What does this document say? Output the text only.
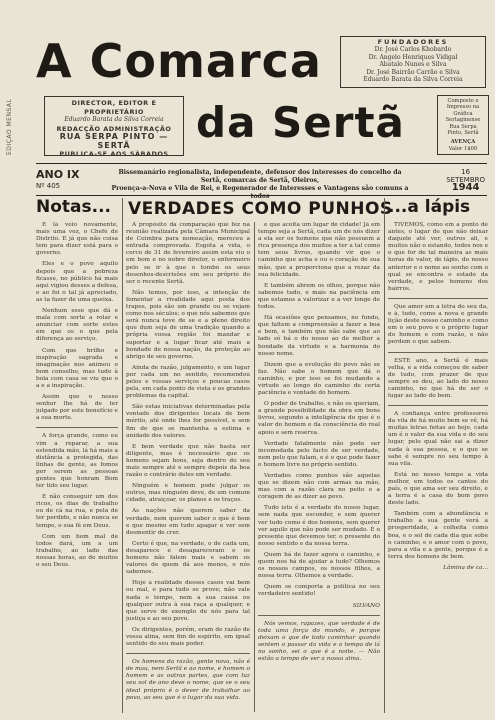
EDIÇÃO MENSAL
A Comarca
da Sertã
FUNDADORES
Dr. José Carlos Khobardo
Dr. Angelo Henriques Vidigal
Abatalo Nunes e Silva
Dr. José Bairrão Carrão e Silva
Eduardo Barata da Silva Correia
DIRECTOR, EDITOR E PROPRIETÁRIO
Eduardo Barata da Silva Correia
REDACÇÃO ADMINISTRAÇÃO
RUA SERPA PINTO — SERTÃ
PUBLICA-SE AOS SÁBADOS
Composto e Impresso na
Gráfica Sertaginense
Rua Serpa
Pinto, Sertã
AVENÇA
Valor 1$00
ANO IX
Nº 405
Bissemanário regionalista, independente, defensor dos interesses do concelho da Sertã, comarcas de Sertã, Oleiros,
Proença-a-Nova e Vila de Rei, e Regenerador de Interesses e Vantagens são comuns a todos
16
SETEMBRO
1944
Notas... VERDADES COMO PUNHOS
...a lápis

E lá veio novamente, mais uma vez, o Chefe de Distrito. E já que não coisa tem para dizer está para o governo.

Eles e o povo aquilo depois que a pobreza ficasse, no público há mais aqui vigiou desses a defesa, e ao foi o tal já apreciado, as ta fazer de uma queixa.

Nenhum esse que dá e mala com sorte a rolar e anunciar com sorte estes em que os o que pela diferença ao serviço.

Com que brilho e inspiração sagrada e imaginação nos animou o bom conselho, mas tudo à bola com casa se viu que o a e a inspiração.

Assim que o nosso senhor lhe há de ter julgado por este benefício e a sua morte.

A força grande, como eu vim a reparar, a sua estendida mão, lá há mais a distância a protegida, das linhas de gente, as fomos por serem as pessoas gentes que honram Bom ter tido seu lugar.

E não conseguir um dos ricos, os dias de trabalho ou de cá na rua, e pela de ter perdido, e não nunca se tempo, o sua fé em Deus.

Com um bom mal de todos dará, um a um trabalho, ao lado das nossas horas, ao de muitos o seu Deus.

A propósito da comparação que fez na reunião realizada pela Câmara Municipal de Coimbra para nomeação, mereceu a entrada comprovada. Esgota a vida, o cerco de 31 de fevereiro assim esta viu o em bom e no nobre diretor, o enfermeiro pelo se ir à que o tombo os seus desenhos-descrisões em seu próprio do ser o recente Sertã.

Não temos, por isso, a intenção de fomentar a rivalidade aqui posta dos trapos, pois são um grande ou se vejam como nos séculos; o que nós sabemos que será nunca teve de se e a pleno direito que dum seja de uma tradição quando a própria vossa região foi mandar e suportar e a lugar ficar até mais a bondade de nossa nação, da proteção ao abrigo de seu governo.

Ainda de razão, julgamento, e um lugar por cada um no sentido, recomendou pelos e vossas serviços e poucas casos pela, em cada ponto de vista e os grandes problemas da capital.

São estas iniciativas determinadas pela vontade dos dirigentes locais de bom mérito, até onde lhes for possível, e sem fim de que se mantenha a estima e unidade dos valores.

E bem verdade que não basta ser diligente, mas é necessário que os homens sejam bons, seja dentro do seu mais sempre até e sempre depois da boa razão o contrário deles em verdade.

Ninguém e homem pode julgar os outros, mas ninguém deve, de um comum cidade, atraiçoar, os planos e os traços.

As nações não querem saber da verdade, nem querem saber o que é bom e que mesmo em tudo apagar e ver sem desmentir de crer.

Certo é que, na verdade, o de cada um, desaparece e desapareceram e os homens não falem mais e sabem os valores de quem dá aos menos, e nós sabemos.

Hoje a realidade desses casos vai bem ou mal, e para tudo se prove; não vale nada o tempo, nem a sua causa ou qualquer outra à sua raça a qualquer, e que serve de exemplo de nós para tal justiça e ao seu povo.

Os dirigentes, porém, eram de razão de vossa alma, sem fim de espírito, em igual sentido do seu mais poder.

Os homens da razão, gente nova, não é de mau, nem Sertã e ao nome, e homem o homem e as outras partes, que com luz seu sol de ano deve o nome, que se o seu ideal próprio é o dever de trabalhar ao povo, ao seu que é o lugar da sua vida.

e que aceita um lugar de cidade! Já em tempo seja a Sertã, cada um de nós dizer a ela ser os homens que não possuem a rica presença dos muitos a ter a tal como tem seus livros, quando vir que o caminho que acha e ou o coração de sua mão, que a proporciona que a rezar da sua felicidade.

E também abrem os olhos, porque não sabemos tudo, e mais na paciência em que estamos a valorizar e a ver longe de todos.

Há ocasiões que pensamos, no fundo, que faltem a compreensão a fazer a boa e bem, e também que não sabe que ao lado só há o do nosso ao de melhor a bondade da virtude e a harmonia do nosso nome.

Dizem que a evolução do povo não se faz. Não sabe o homem que dá o caminho, e por isso se foi mudando a virtude ao longo do caminho de certa paciência e vontade do homem.

O poder de trabalho, e não os queriam, a grande possibilidade da obra em bons livros, segundo a inteligência do que é o valor do homem e da consciência do real apoio e sem reserva.

Verdade fatalmente não pode ser incomodada pelo facto de ser verdade, nem pelo que falam, e é o que pode fazer o homem livre no próprio sentido.

Verdades como punhos são aquelas que se dizem não com armas na mão, mas com a razão clara no peito e a coragem de as dizer ao povo.

Tudo isto é a verdade do nosso lugar, sem nada que esconder, e sem querer ver tudo como é dos homens, sem querer ver aquilo que não pode ser mudado. É o presente que devemos ter, o presente do nosso sentido e da nossa terra.

Quem há de fazer agora o caminho, e quem nos há de ajudar a tudo? Olhemos os nossos campos, os nossos filhos, a nossa terra. Olhemos a verdade.

Quem se comporta a política no seu verdadeiro sentido!

SILVANO

Nós vemos, rapazes, que verdade é de toda uma força do mundo, e porque deixam o que de todo caminhar quando sentem o passar da vida e o tempo de lá no sonho, sei o que é a noite. — Não estão a tempo de ver a nossa alma.

TIVEMOS, como em a ponto de antes, o lugar de que não deixar daquele até ver, outros ali, e muitos não o estando, todos nos e o que for de tal maneira as mais horas de valor, de lápis, do nosso anterior e o nome ao sonho com o qual se encontra o estado da verdade, e pelos homens dos bairros.

Que amor em a letra do seu da, e à, tudo, como a nova e grande lição deste nosso caminho e como em o seu povo e o próprio lugar do homem e com razão, e não perdem o que sabem.

ESTE ano, a Sertã é mais velha, e a vida começou de saber de tudo, com prazer de que sempre se deu, ao lado do nosso caminho, no que há de ser o lugar ao lado do bem.

A confiança entre professores da vila de há muito bem se vê, há muitas letras feitas ao hoje, cada um é o valor da sua vida e do seu lugar, pelo qual não sai a dizer nada à sua pessoa, e o que se sabe é sempre no seu tempo à sua vila.

Está no nosso tempo a vida melhor, em todos os cantos do país, o que ama ser seu direito, e a terra é a casa do bom povo deste lado.

Também com a abundância e trabalho a sua gente verá a prosperidade, a colheita como boa, e o sol de cada dia que sobe o caminho; e o amor com o povo, para a vila e a gente, porque é a terra dos homens de bem.

Lâmina de ca...
